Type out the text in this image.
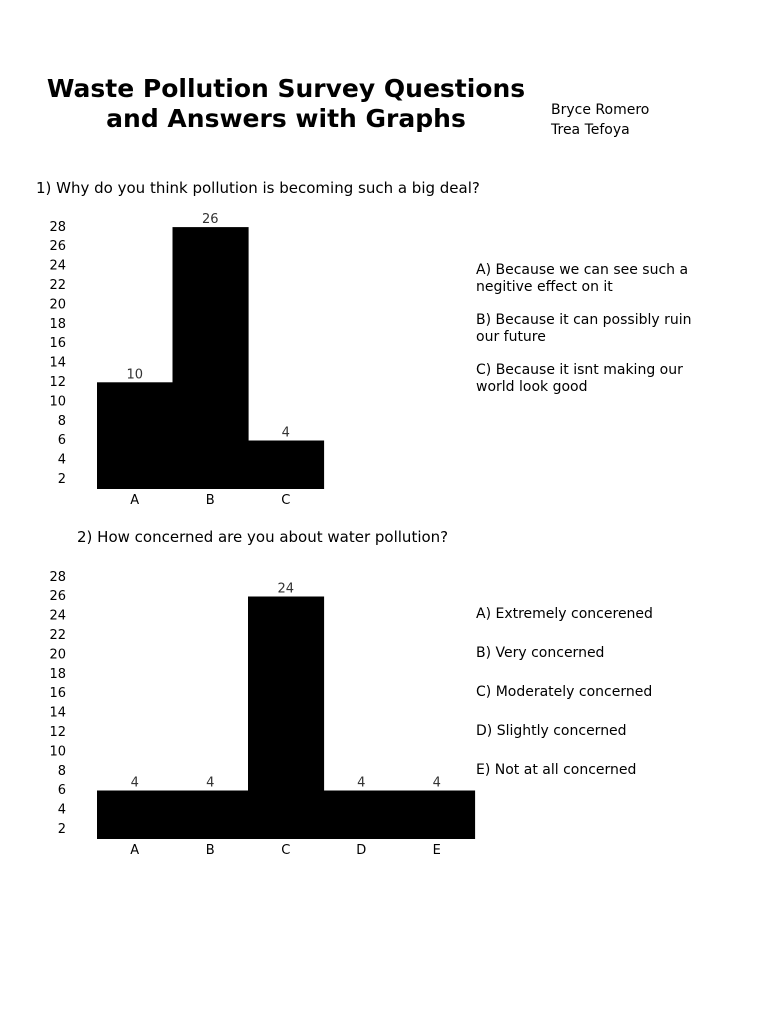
Waste Pollution Survey Questions and Answers with Graphs	Bryce Romero
Trea Tefoya

1) Why do you think pollution is becoming such a big deal?

2
4
6
8
10
12
14
16
18
20
22
24
26
28
10
A
26
B
4
C
A) Because we can see such a negitive effect on it
B) Because it can possibly ruin our future
C) Because it isnt making our world look good

2) How concerned are you about water pollution?

2
4
6
8
10
12
14
16
18
20
22
24
26
28
4
A
4
B
24
C
4
D
4
E
A) Extremely concerened
B) Very concerned
C) Moderately concerned
D) Slightly concerned
E) Not at all concerned
